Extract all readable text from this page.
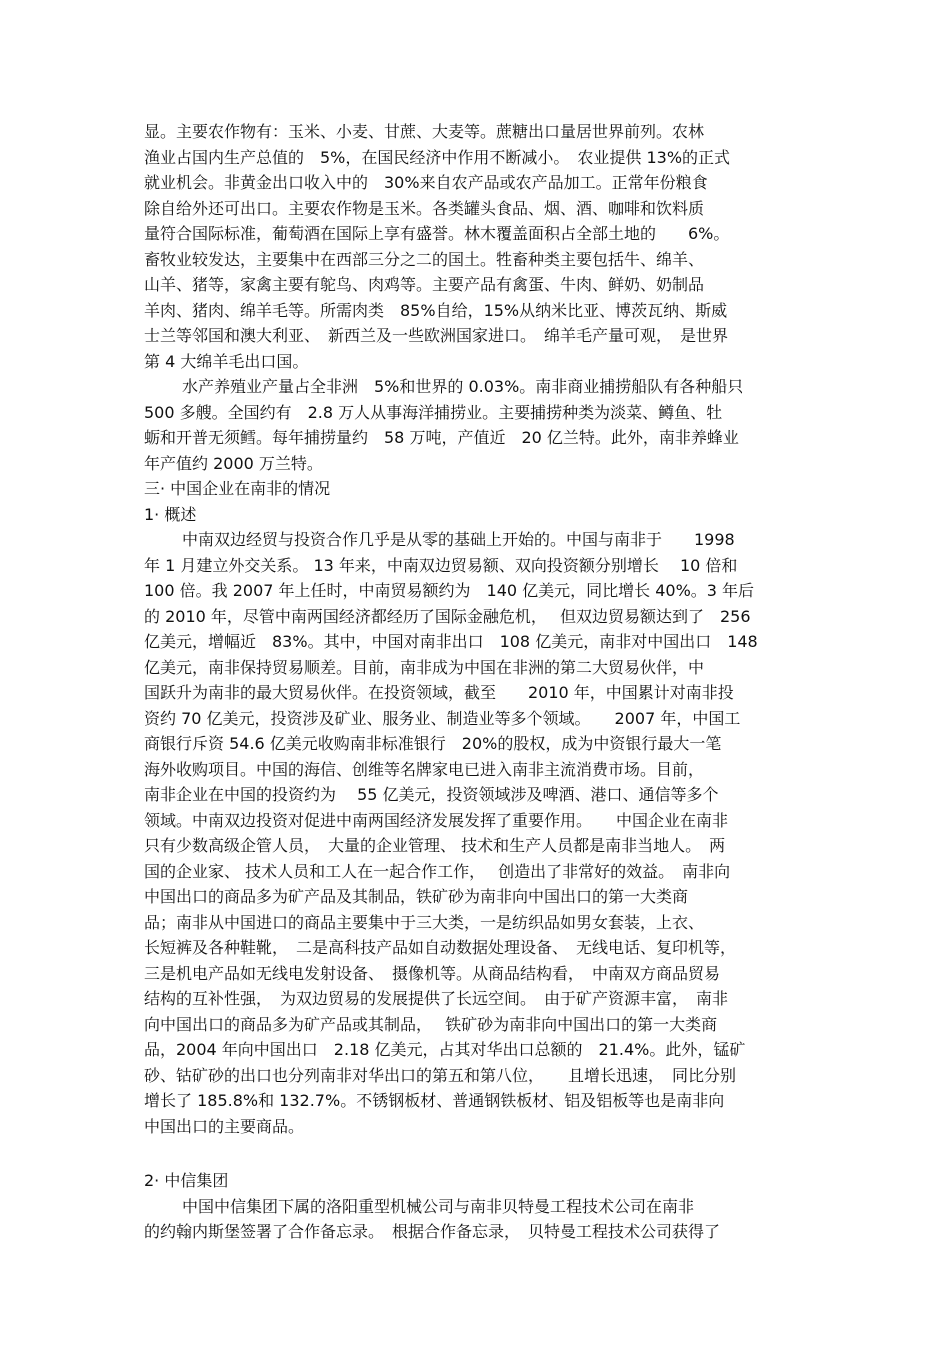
显。主要农作物有：玉米、小麦、甘蔗、大麦等。蔗糖出口量居世界前列。农林
渔业占国内生产总值的　5%，在国民经济中作用不断减小。　农业提供 13%的正式
就业机会。非黄金出口收入中的　30%来自农产品或农产品加工。正常年份粮食
除自给外还可出口。主要农作物是玉米。各类罐头食品、烟、酒、咖啡和饮料质
量符合国际标准，葡萄酒在国际上享有盛誉。林木覆盖面积占全部土地的　　6%。
畜牧业较发达，主要集中在西部三分之二的国土。牲畜种类主要包括牛、绵羊、
山羊、猪等，家禽主要有鸵鸟、肉鸡等。主要产品有禽蛋、牛肉、鲜奶、奶制品
羊肉、猪肉、绵羊毛等。所需肉类　85%自给，15%从纳米比亚、博茨瓦纳、斯威
士兰等邻国和澳大利亚、　新西兰及一些欧洲国家进口。　绵羊毛产量可观，　是世界
第 4 大绵羊毛出口国。
水产养殖业产量占全非洲　5%和世界的 0.03%。南非商业捕捞船队有各种船只
500 多艘。全国约有　2.8 万人从事海洋捕捞业。主要捕捞种类为淡菜、鳟鱼、牡
蛎和开普无须鳕。每年捕捞量约　58 万吨，产值近　20 亿兰特。此外，南非养蜂业
年产值约 2000 万兰特。
三· 中国企业在南非的情况
1· 概述
中南双边经贸与投资合作几乎是从零的基础上开始的。中国与南非于　　1998
年 1 月建立外交关系。 13 年来，中南双边贸易额、双向投资额分别增长　 10 倍和
100 倍。我 2007 年上任时，中南贸易额约为　140 亿美元，同比增长 40%。3 年后
的 2010 年，尽管中南两国经济都经历了国际金融危机，　 但双边贸易额达到了　256
亿美元，增幅近　83%。其中，中国对南非出口　108 亿美元，南非对中国出口　148
亿美元，南非保持贸易顺差。目前，南非成为中国在非洲的第二大贸易伙伴，中
国跃升为南非的最大贸易伙伴。在投资领域，截至　　2010 年，中国累计对南非投
资约 70 亿美元，投资涉及矿业、服务业、制造业等多个领域。　　2007 年，中国工
商银行斥资 54.6 亿美元收购南非标准银行　20%的股权，成为中资银行最大一笔
海外收购项目。中国的海信、创维等名牌家电已进入南非主流消费市场。目前，
南非企业在中国的投资约为　 55 亿美元，投资领域涉及啤酒、港口、通信等多个
领域。中南双边投资对促进中南两国经济发展发挥了重要作用。　　中国企业在南非
只有少数高级企管人员，　大量的企业管理、 技术和生产人员都是南非当地人。　两
国的企业家、 技术人员和工人在一起合作工作，　 创造出了非常好的效益。　南非向
中国出口的商品多为矿产品及其制品，铁矿砂为南非向中国出口的第一大类商
品；南非从中国进口的商品主要集中于三大类，一是纺织品如男女套装，上衣、
长短裤及各种鞋靴，　二是高科技产品如自动数据处理设备、　无线电话、复印机等，
三是机电产品如无线电发射设备、　摄像机等。从商品结构看，　中南双方商品贸易
结构的互补性强，　为双边贸易的发展提供了长远空间。　由于矿产资源丰富，　南非
向中国出口的商品多为矿产品或其制品，　 铁矿砂为南非向中国出口的第一大类商
品，2004 年向中国出口　2.18 亿美元，占其对华出口总额的　21.4%。此外，锰矿
砂、钴矿砂的出口也分列南非对华出口的第五和第八位，　　且增长迅速，　同比分别
增长了 185.8%和 132.7%。不锈钢板材、普通钢铁板材、铝及铝板等也是南非向
中国出口的主要商品。
2· 中信集团
中国中信集团下属的洛阳重型机械公司与南非贝特曼工程技术公司在南非
的约翰内斯堡签署了合作备忘录。　根据合作备忘录，　贝特曼工程技术公司获得了
